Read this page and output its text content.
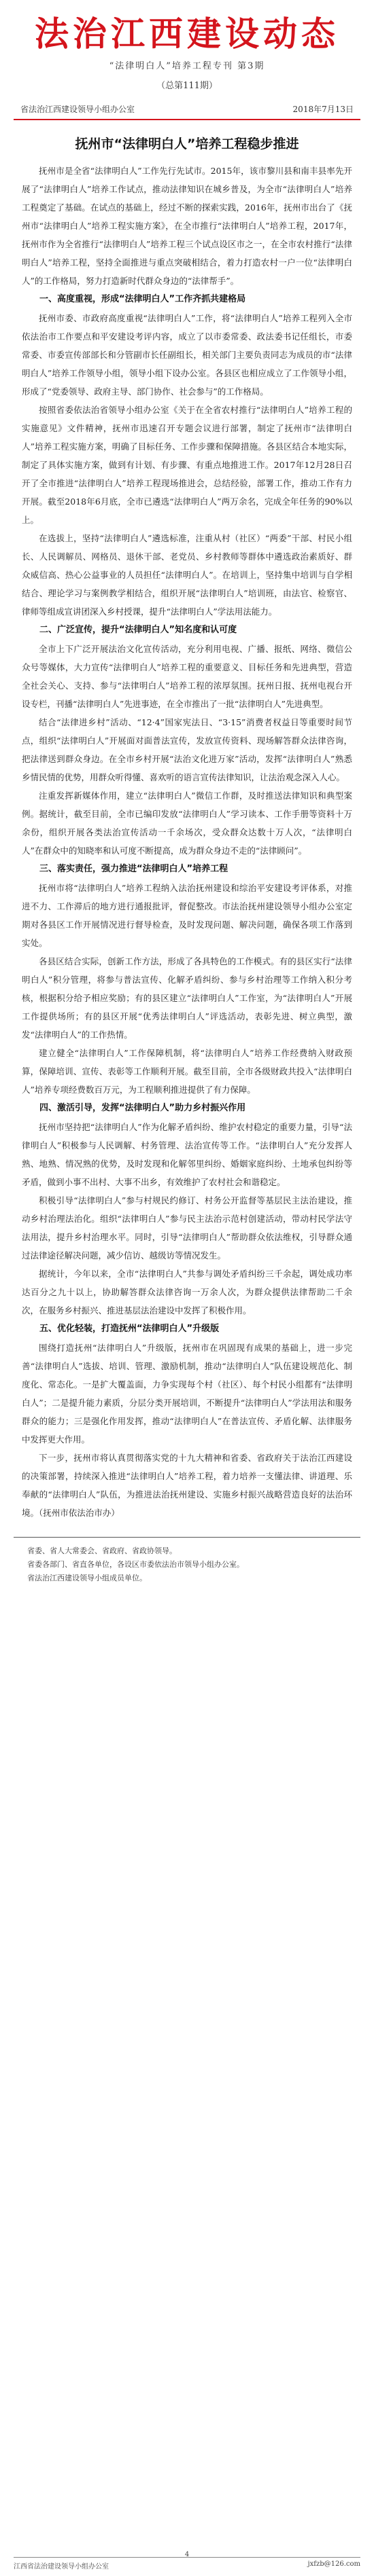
法治江西建设动态
“法律明白人”培养工程专刊 第3期
（总第111期）
省法治江西建设领导小组办公室	2018年7月13日
抚州市“法律明白人”培养工程稳步推进

抚州市是全省“法律明白人”工作先行先试市。2015年，该市黎川县和南丰县率先开展了“法律明白人”培养工作试点，推动法律知识在城乡普及，为全市“法律明白人”培养工程奠定了基础。在试点的基础上，经过不断的探索实践，2016年，抚州市出台了《抚州市“法律明白人”培养工程实施方案》，在全市推行“法律明白人”培养工程，2017年，抚州市作为全省推行“法律明白人”培养工程三个试点设区市之一，在全市农村推行“法律明白人”培养工程，坚持全面推进与重点突破相结合，着力打造农村一户一位“法律明白人”的工作格局，努力打造新时代群众身边的“法律帮手”。

一、高度重视，形成“法律明白人”工作齐抓共建格局

抚州市委、市政府高度重视“法律明白人”工作，将“法律明白人”培养工程列入全市依法治市工作要点和平安建设考评内容，成立了以市委常委、政法委书记任组长，市委常委、市委宣传部部长和分管副市长任副组长，相关部门主要负责同志为成员的市“法律明白人”培养工作领导小组，领导小组下设办公室。各县区也相应成立了工作领导小组，形成了“党委领导、政府主导、部门协作、社会参与”的工作格局。

按照省委依法治省领导小组办公室《关于在全省农村推行“法律明白人”培养工程的实施意见》文件精神，抚州市迅速召开专题会议进行部署，制定了抚州市“法律明白人”培养工程实施方案，明确了目标任务、工作步骤和保障措施。各县区结合本地实际，制定了具体实施方案，做到有计划、有步骤、有重点地推进工作。2017年12月28日召开了全市推进“法律明白人”培养工程现场推进会，总结经验，部署工作，推动工作有力开展。截至2018年6月底，全市已遴选“法律明白人”两万余名，完成全年任务的90%以上。

在选拔上，坚持“法律明白人”遴选标准，注重从村（社区）“两委”干部、村民小组长、人民调解员、网格员、退休干部、老党员、乡村教师等群体中遴选政治素质好、群众威信高、热心公益事业的人员担任“法律明白人”。在培训上，坚持集中培训与自学相结合、理论学习与案例教学相结合，组织开展“法律明白人”培训班，由法官、检察官、律师等组成宣讲团深入乡村授课，提升“法律明白人”学法用法能力。

二、广泛宣传，提升“法律明白人”知名度和认可度

全市上下广泛开展法治文化宣传活动，充分利用电视、广播、报纸、网络、微信公众号等媒体，大力宣传“法律明白人”培养工程的重要意义、目标任务和先进典型，营造全社会关心、支持、参与“法律明白人”培养工程的浓厚氛围。抚州日报、抚州电视台开设专栏，刊播“法律明白人”先进事迹，在全市推出了一批“法律明白人”先进典型。

结合“法律进乡村”活动、“12·4”国家宪法日、“3·15”消费者权益日等重要时间节点，组织“法律明白人”开展面对面普法宣传，发放宣传资料、现场解答群众法律咨询，把法律送到群众身边。在全市乡村开展“法治文化进万家”活动，发挥“法律明白人”熟悉乡情民情的优势，用群众听得懂、喜欢听的语言宣传法律知识，让法治观念深入人心。

注重发挥新媒体作用，建立“法律明白人”微信工作群，及时推送法律知识和典型案例。据统计，截至目前，全市已编印发放“法律明白人”学习读本、工作手册等资料十万余份，组织开展各类法治宣传活动一千余场次，受众群众达数十万人次，“法律明白人”在群众中的知晓率和认可度不断提高，成为群众身边不走的“法律顾问”。

三、落实责任，强力推进“法律明白人”培养工程

抚州市将“法律明白人”培养工程纳入法治抚州建设和综治平安建设考评体系，对推进不力、工作滞后的地方进行通报批评，督促整改。市法治抚州建设领导小组办公室定期对各县区工作开展情况进行督导检查，及时发现问题、解决问题，确保各项工作落到实处。

各县区结合实际，创新工作方法，形成了各具特色的工作模式。有的县区实行“法律明白人”积分管理，将参与普法宣传、化解矛盾纠纷、参与乡村治理等工作纳入积分考核，根据积分给予相应奖励；有的县区建立“法律明白人”工作室，为“法律明白人”开展工作提供场所；有的县区开展“优秀法律明白人”评选活动，表彰先进、树立典型，激发“法律明白人”的工作热情。

建立健全“法律明白人”工作保障机制，将“法律明白人”培养工作经费纳入财政预算，保障培训、宣传、表彰等工作顺利开展。截至目前，全市各级财政共投入“法律明白人”培养专项经费数百万元，为工程顺利推进提供了有力保障。

四、激活引导，发挥“法律明白人”助力乡村振兴作用

抚州市坚持把“法律明白人”作为化解矛盾纠纷、维护农村稳定的重要力量，引导“法律明白人”积极参与人民调解、村务管理、法治宣传等工作。“法律明白人”充分发挥人熟、地熟、情况熟的优势，及时发现和化解邻里纠纷、婚姻家庭纠纷、土地承包纠纷等矛盾，做到小事不出村、大事不出乡，有效维护了农村社会和谐稳定。

积极引导“法律明白人”参与村规民约修订、村务公开监督等基层民主法治建设，推动乡村治理法治化。组织“法律明白人”参与民主法治示范村创建活动，带动村民学法守法用法，提升乡村治理水平。同时，引导“法律明白人”帮助群众依法维权，引导群众通过法律途径解决问题，减少信访、越级访等情况发生。

据统计，今年以来，全市“法律明白人”共参与调处矛盾纠纷三千余起，调处成功率达百分之九十以上，协助解答群众法律咨询一万余人次，为群众提供法律帮助二千余次，在服务乡村振兴、推进基层法治建设中发挥了积极作用。

五、优化轻装，打造抚州“法律明白人”升级版

围绕打造抚州“法律明白人”升级版，抚州市在巩固现有成果的基础上，进一步完善“法律明白人”选拔、培训、管理、激励机制，推动“法律明白人”队伍建设规范化、制度化、常态化。一是扩大覆盖面，力争实现每个村（社区）、每个村民小组都有“法律明白人”；二是提升能力素质，分层分类开展培训，不断提升“法律明白人”学法用法和服务群众的能力；三是强化作用发挥，推动“法律明白人”在普法宣传、矛盾化解、法律服务中发挥更大作用。

下一步，抚州市将认真贯彻落实党的十九大精神和省委、省政府关于法治江西建设的决策部署，持续深入推进“法律明白人”培养工程，着力培养一支懂法律、讲道理、乐奉献的“法律明白人”队伍，为推进法治抚州建设、实施乡村振兴战略营造良好的法治环境。（抚州市依法治市办）

省委、省人大常委会、省政府、省政协领导。
省委各部门、省直各单位，各设区市委依法治市领导小组办公室。
省法治江西建设领导小组成员单位。
4
江西省法治建设领导小组办公室	jxfzb@126.com
